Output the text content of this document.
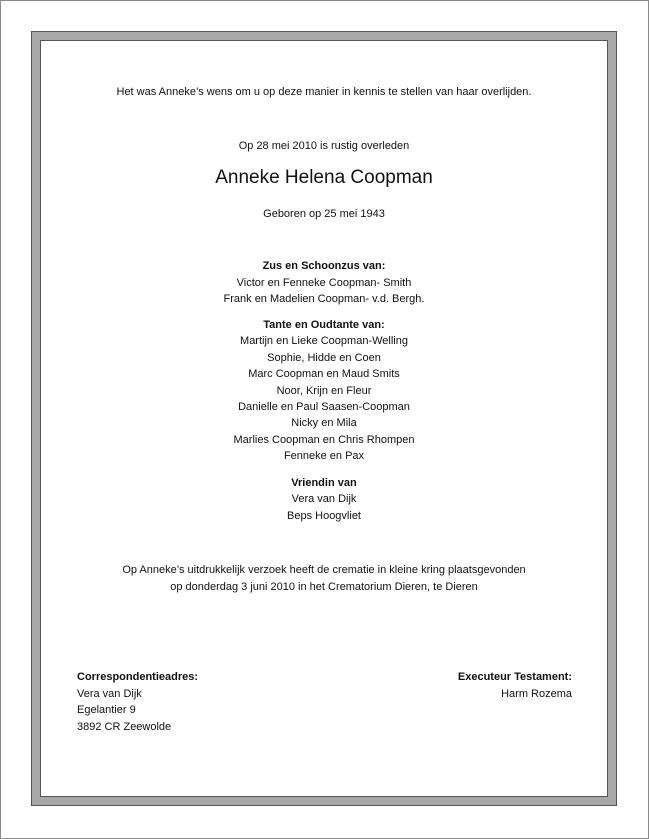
Het was Anneke’s wens om u op deze manier in kennis te stellen van haar overlijden.
Op 28 mei 2010 is rustig overleden
Anneke Helena Coopman
Geboren op 25 mei 1943
Zus en Schoonzus van:
Victor en Fenneke Coopman- Smith
Frank en Madelien Coopman- v.d. Bergh.
Tante en Oudtante van:
Martijn en Lieke Coopman-Welling
Sophie, Hidde en Coen
Marc Coopman en Maud Smits
Noor, Krijn en Fleur
Danielle en Paul Saasen-Coopman
Nicky en Mila
Marlies Coopman en Chris Rhompen
Fenneke en Pax
Vriendin van
Vera van Dijk
Beps Hoogvliet
Op Anneke’s uitdrukkelijk verzoek heeft de crematie in kleine kring plaatsgevonden
op donderdag 3 juni 2010 in het Crematorium Dieren, te Dieren
Correspondentieadres:
Vera van Dijk
Egelantier 9
3892 CR Zeewolde
Executeur Testament:
Harm Rozema
